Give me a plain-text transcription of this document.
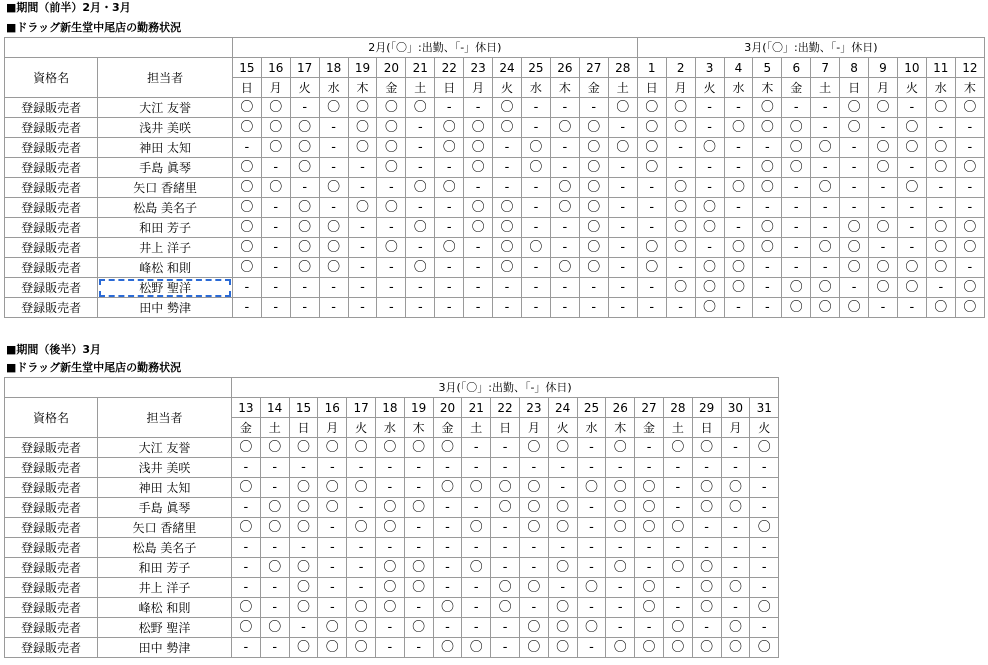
■期間（前半）2月・3月
■ドラッグ新生堂中尾店の勤務状況
		2月(「〇」:出勤、「-」休日)														3月(「〇」:出勤、「-」休日)											
資格名	担当者	15	16	17	18	19	20	21	22	23	24	25	26	27	28	1	2	3	4	5	6	7	8	9	10	11	12
		日	月	火	水	木	金	土	日	月	火	水	木	金	土	日	月	火	水	木	金	土	日	月	火	水	木
登録販売者	大江 友誉	〇	〇	-	〇	〇	〇	〇	-	-	〇	-	-	-	〇	〇	〇	-	-	〇	-	-	〇	〇	-	〇	〇
登録販売者	浅井 美咲	〇	〇	〇	-	〇	〇	-	〇	〇	〇	-	〇	〇	-	〇	〇	-	〇	〇	〇	-	〇	-	〇	-	-
登録販売者	神田 太知	-	〇	〇	-	〇	〇	-	〇	〇	-	〇	-	〇	〇	〇	-	〇	-	-	〇	〇	-	〇	〇	〇	-
登録販売者	手島 眞琴	〇	-	〇	-	-	〇	-	-	〇	-	〇	-	〇	-	〇	-	-	-	〇	〇	-	-	〇	-	〇	〇
登録販売者	矢口 香緒里	〇	〇	-	〇	-	-	〇	〇	-	-	-	〇	〇	-	-	〇	-	〇	〇	-	〇	-	-	〇	-	-
登録販売者	松島 美名子	〇	-	〇	-	〇	〇	-	-	〇	〇	-	〇	〇	-	-	〇	〇	-	-	-	-	-	-	-	-	-
登録販売者	和田 芳子	〇	-	〇	〇	-	-	〇	-	〇	〇	-	-	〇	-	-	〇	〇	-	〇	-	-	〇	〇	-	〇	〇
登録販売者	井上 洋子	〇	-	〇	〇	-	〇	-	〇	-	〇	〇	-	〇	-	〇	〇	-	〇	〇	-	〇	〇	-	-	〇	〇
登録販売者	峰松 和則	〇	-	〇	〇	-	-	〇	-	-	〇	-	〇	〇	-	〇	-	〇	〇	-	-	-	〇	〇	〇	〇	-
登録販売者	松野 聖洋	-	-	-	-	-	-	-	-	-	-	-	-	-	-	-	〇	〇	〇	-	〇	〇	-	〇	〇	-	〇
登録販売者	田中 勢津	-	-	-	-	-	-	-	-	-	-	-	-	-	-	-	-	〇	-	-	〇	〇	〇	-	-	〇	〇
■期間（後半）3月
■ドラッグ新生堂中尾店の勤務状況
		3月(「〇」:出勤、「-」休日)																		
資格名	担当者	13	14	15	16	17	18	19	20	21	22	23	24	25	26	27	28	29	30	31
		金	土	日	月	火	水	木	金	土	日	月	火	水	木	金	土	日	月	火
登録販売者	大江 友誉	〇	〇	〇	〇	〇	〇	〇	〇	-	-	〇	〇	-	〇	-	〇	〇	-	〇
登録販売者	浅井 美咲	-	-	-	-	-	-	-	-	-	-	-	-	-	-	-	-	-	-	-
登録販売者	神田 太知	〇	-	〇	〇	〇	-	-	〇	〇	〇	〇	-	〇	〇	〇	-	〇	〇	-
登録販売者	手島 眞琴	-	〇	〇	〇	-	〇	〇	-	-	〇	〇	〇	-	〇	〇	-	〇	〇	-
登録販売者	矢口 香緒里	〇	〇	〇	-	〇	〇	-	-	〇	-	〇	〇	-	〇	〇	〇	-	-	〇
登録販売者	松島 美名子	-	-	-	-	-	-	-	-	-	-	-	-	-	-	-	-	-	-	-
登録販売者	和田 芳子	-	〇	〇	-	-	〇	〇	-	〇	-	-	〇	-	〇	-	〇	〇	-	-
登録販売者	井上 洋子	-	-	〇	-	-	〇	〇	-	-	〇	〇	-	〇	-	〇	-	〇	〇	-
登録販売者	峰松 和則	〇	-	〇	-	〇	〇	-	〇	-	〇	-	〇	-	-	〇	-	〇	-	〇
登録販売者	松野 聖洋	〇	〇	-	〇	〇	-	〇	-	-	-	〇	〇	〇	-	-	〇	-	〇	-
登録販売者	田中 勢津	-	-	〇	〇	〇	-	-	〇	〇	-	〇	〇	-	〇	〇	〇	〇	〇	〇
